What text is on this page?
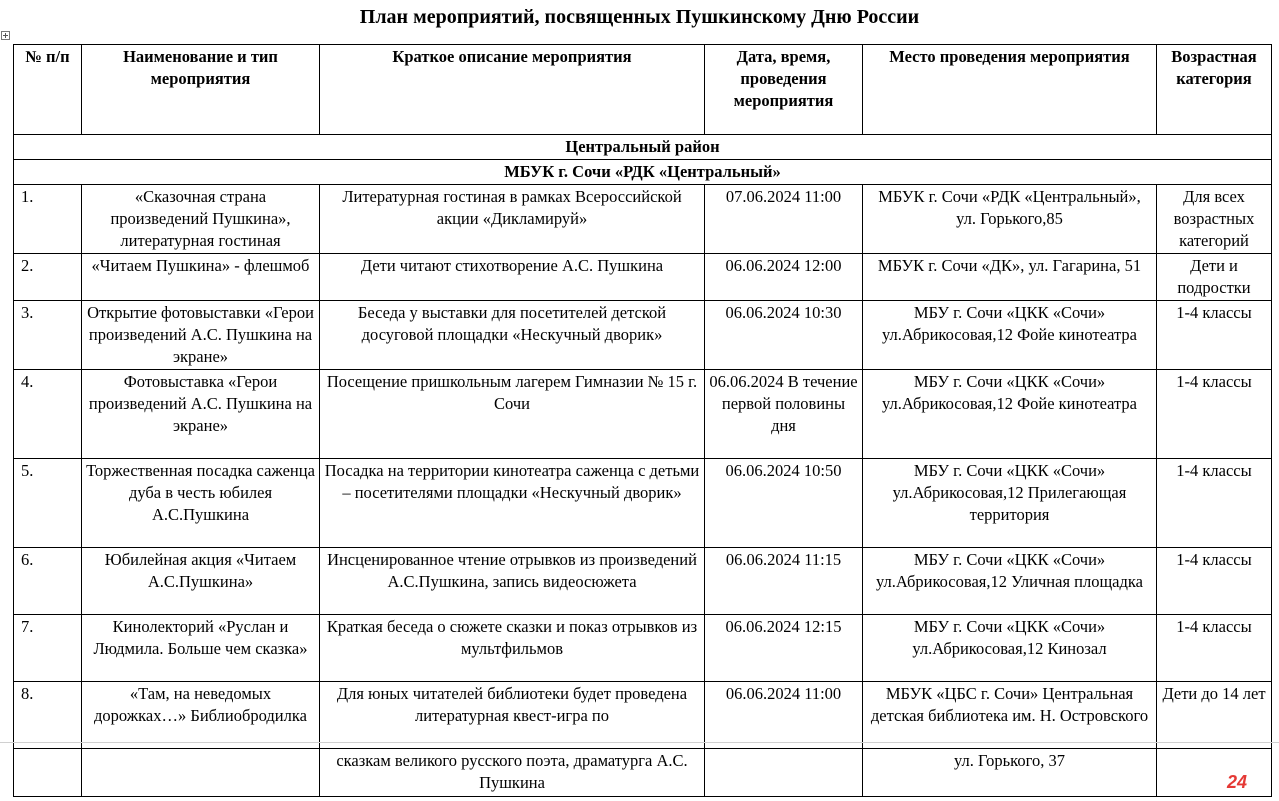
План мероприятий, посвященных Пушкинскому Дню России
№ п/п	Наименование и тип мероприятия	Краткое описание мероприятия	Дата, время, проведения мероприятия	Место проведения мероприятия	Возрастная категория
Центральный район					
МБУК г. Сочи «РДК «Центральный»					
1.	«Сказочная страна произведений Пушкина», литературная гостиная	Литературная гостиная в рамках Всероссийской акции «Дикламируй»	07.06.2024 11:00	МБУК г. Сочи «РДК «Центральный», ул. Горького,85	Для всех возрастных категорий
2.	«Читаем Пушкина» - флешмоб	Дети читают стихотворение А.С. Пушкина	06.06.2024 12:00	МБУК г. Сочи «ДК», ул. Гагарина, 51	Дети и подростки
3.	Открытие фотовыставки «Герои произведений А.С. Пушкина на экране»	Беседа у выставки для посетителей детской досуговой площадки «Нескучный дворик»	06.06.2024 10:30	МБУ г. Сочи «ЦКК «Сочи» ул.Абрикосовая,12 Фойе кинотеатра	1-4 классы
4.	Фотовыставка «Герои произведений А.С. Пушкина на экране»	Посещение пришкольным лагерем Гимназии № 15 г. Сочи	06.06.2024 В течение первой половины дня	МБУ г. Сочи «ЦКК «Сочи» ул.Абрикосовая,12 Фойе кинотеатра	1-4 классы
5.	Торжественная посадка саженца дуба в честь юбилея А.С.Пушкина	Посадка на территории кинотеатра саженца с детьми – посетителями площадки «Нескучный дворик»	06.06.2024 10:50	МБУ г. Сочи «ЦКК «Сочи» ул.Абрикосовая,12 Прилегающая территория	1-4 классы
6.	Юбилейная акция «Читаем А.С.Пушкина»	Инсценированное чтение отрывков из произведений А.С.Пушкина, запись видеосюжета	06.06.2024 11:15	МБУ г. Сочи «ЦКК «Сочи» ул.Абрикосовая,12 Уличная площадка	1-4 классы
7.	Кинолекторий «Руслан и Людмила. Больше чем сказка»	Краткая беседа о сюжете сказки и показ отрывков из мультфильмов	06.06.2024 12:15	МБУ г. Сочи «ЦКК «Сочи» ул.Абрикосовая,12 Кинозал	1-4 классы
8.	«Там, на неведомых дорожках…» Библиобродилка	Для юных читателей библиотеки будет проведена литературная квест-игра по	06.06.2024 11:00	МБУК «ЦБС г. Сочи» Центральная детская библиотека им. Н. Островского	Дети до 14 лет
		сказкам великого русского поэта, драматурга А.С. Пушкина		ул. Горького, 37	
24
